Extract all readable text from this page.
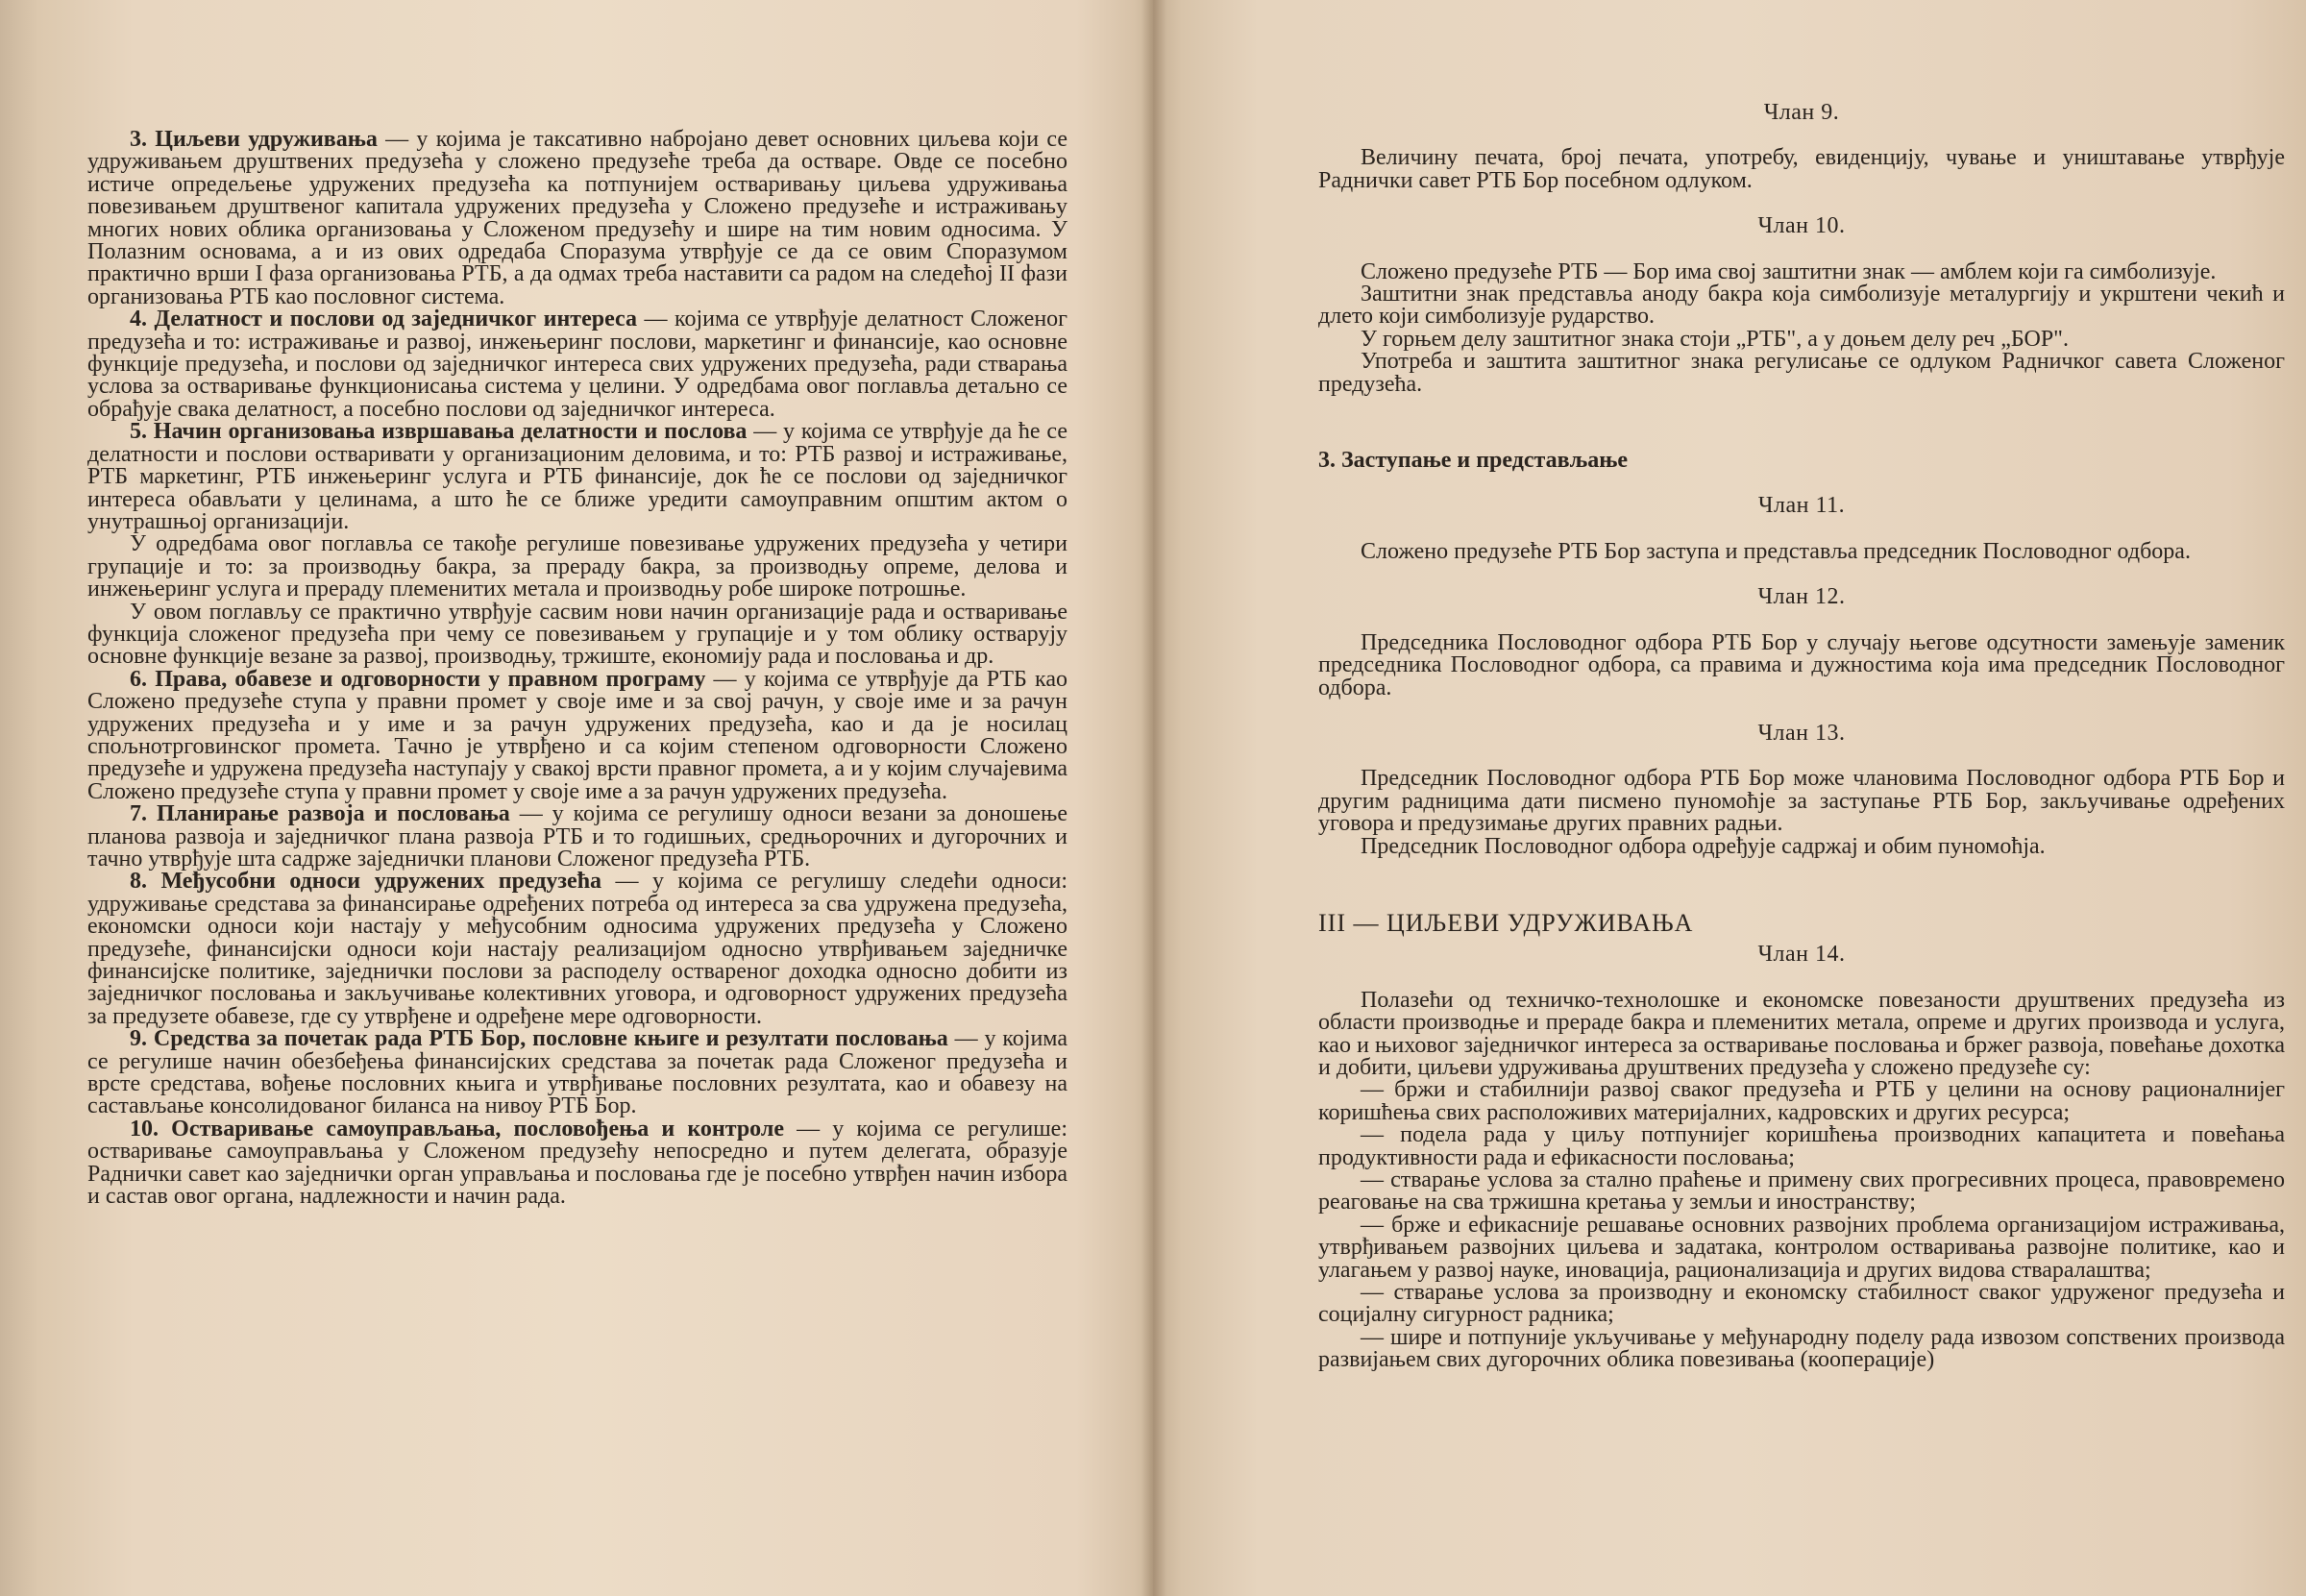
3. Циљеви удруживања — у којима је таксативно набројано девет основних циљева који се удруживањем друштвених предузећа у сложено предузеће треба да остваре. Овде се посебно истиче опредељење удружених предузећа ка потпунијем остваривању циљева удруживања повезивањем друштвеног капитала удружених предузећа у Сложено предузеће и истраживању многих нових облика организовања у Сложеном предузећу и шире на тим новим односима. У Полазним основама, а и из ових одредаба Споразума утврђује се да се овим Споразумом практично врши I фаза организовања РТБ, а да одмах треба наставити са радом на следећој II фази организовања РТБ као пословног система.

4. Делатност и послови од заједничког интереса — којима се утврђује делатност Сложеног предузећа и то: истраживање и развој, инжењеринг послови, маркетинг и финансије, као основне функције предузећа, и послови од заједничког интереса свих удружених предузећа, ради стварања услова за остваривање функционисања система у целини. У одредбама овог поглавља детаљно се обрађује свака делатност, а посебно послови од заједничког интереса.

5. Начин организовања извршавања делатности и послова — у којима се утврђује да ће се делатности и послови остваривати у организационим деловима, и то: РТБ развој и истраживање, РТБ маркетинг, РТБ инжењеринг услуга и РТБ финансије, док ће се послови од заједничког интереса обављати у целинама, а што ће се ближе уредити самоуправним општим актом о унутрашњој организацији.

У одредбама овог поглавља се такође регулише повезивање удружених предузећа у четири групације и то: за производњу бакра, за прераду бакра, за производњу опреме, делова и инжењеринг услуга и прераду племенитих метала и производњу робе широке потрошње.

У овом поглављу се практично утврђује сасвим нови начин организације рада и остваривање функција сложеног предузећа при чему се повезивањем у групације и у том облику остварују основне функције везане за развој, производњу, тржиште, економију рада и пословања и др.

6. Права, обавезе и одговорности у правном програму — у којима се утврђује да РТБ као Сложено предузеће ступа у правни промет у своје име и за свој рачун, у своје име и за рачун удружених предузећа и у име и за рачун удружених предузећа, као и да је носилац спољнотрговинског промета. Тачно је утврђено и са којим степеном одговорности Сложено предузеће и удружена предузећа наступају у свакој врсти правног промета, а и у којим случајевима Сложено предузеће ступа у правни промет у своје име а за рачун удружених предузећа.

7. Планирање развоја и пословања — у којима се регулишу односи везани за доношење планова развоја и заједничког плана развоја РТБ и то годишњих, средњорочних и дугорочних и тачно утврђује шта садрже заједнички планови Сложеног предузећа РТБ.

8. Међусобни односи удружених предузећа — у којима се регулишу следећи односи: удруживање средстава за финансирање одређених потреба од интереса за сва удружена предузећа, економски односи који настају у међусобним односима удружених предузећа у Сложено предузеће, финансијски односи који настају реализацијом односно утврђивањем заједничке финансијске политике, заједнички послови за расподелу оствареног доходка односно добити из заједничког пословања и закључивање колективних уговора, и одговорност удружених предузећа за предузете обавезе, где су утврђене и одређене мере одговорности.

9. Средства за почетак рада РТБ Бор, пословне књиге и резултати пословања — у којима се регулише начин обезбеђења финансијских средстава за почетак рада Сложеног предузећа и врсте средстава, вођење пословних књига и утврђивање пословних резултата, као и обавезу на састављање консолидованог биланса на нивоу РТБ Бор.

10. Остваривање самоуправљања, пословођења и контроле — у којима се регулише: остваривање самоуправљања у Сложеном предузећу непосредно и путем делегата, образује Раднички савет као заједнички орган управљања и пословања где је посебно утврђен начин избора и састав овог органа, надлежности и начин рада.

Члан 9.

Величину печата, број печата, употребу, евиденцију, чување и уништавање утврђује Раднички савет РТБ Бор посебном одлуком.

Члан 10.

Сложено предузеће РТБ — Бор има свој заштитни знак — амблем који га симболизује.

Заштитни знак представља аноду бакра која симболизује металургију и укрштени чекић и длето који симболизује рударство.

У горњем делу заштитног знака стоји „РТБ", а у доњем делу реч „БОР".

Употреба и заштита заштитног знака регулисање се одлуком Радничког савета Сложеног предузећа.

3. Заступање и представљање

Члан 11.

Сложено предузеће РТБ Бор заступа и представља председник Пословодног одбора.

Члан 12.

Председника Пословодног одбора РТБ Бор у случају његове одсутности замењује заменик председника Пословодног одбора, са правима и дужностима која има председник Пословодног одбора.

Члан 13.

Председник Пословодног одбора РТБ Бор може члановима Пословодног одбора РТБ Бор и другим радницима дати писмено пуномоћје за заступање РТБ Бор, закључивање одређених уговора и предузимање других правних радњи.

Председник Пословодног одбора одређује садржај и обим пуномоћја.

III — ЦИЉЕВИ УДРУЖИВАЊА

Члан 14.

Полазећи од техничко-технолошке и економске повезаности друштвених предузећа из области производње и прераде бакра и племенитих метала, опреме и других производа и услуга, као и њиховог заједничког интереса за остваривање пословања и бржег развоја, повећање дохотка и добити, циљеви удруживања друштвених предузећа у сложено предузеће су:

— бржи и стабилнији развој сваког предузећа и РТБ у целини на основу рационалнијег коришћења свих расположивих материјалних, кадровских и других ресурса;

— подела рада у циљу потпунијег коришћења производних капацитета и повећања продуктивности рада и ефикасности пословања;

— стварање услова за стално праћење и примену свих прогресивних процеса, правовремено реаговање на сва тржишна кретања у земљи и иностранству;

— брже и ефикасније решавање основних развојних проблема организацијом истраживања, утврђивањем развојних циљева и задатака, контролом остваривања развојне политике, као и улагањем у развој науке, иновација, рационализација и других видова стваралаштва;

— стварање услова за производну и економску стабилност сваког удруженог предузећа и социјалну сигурност радника;

— шире и потпуније укључивање у међународну поделу рада извозом сопствених производа развијањем свих дугорочних облика повезивања (кооперације)
